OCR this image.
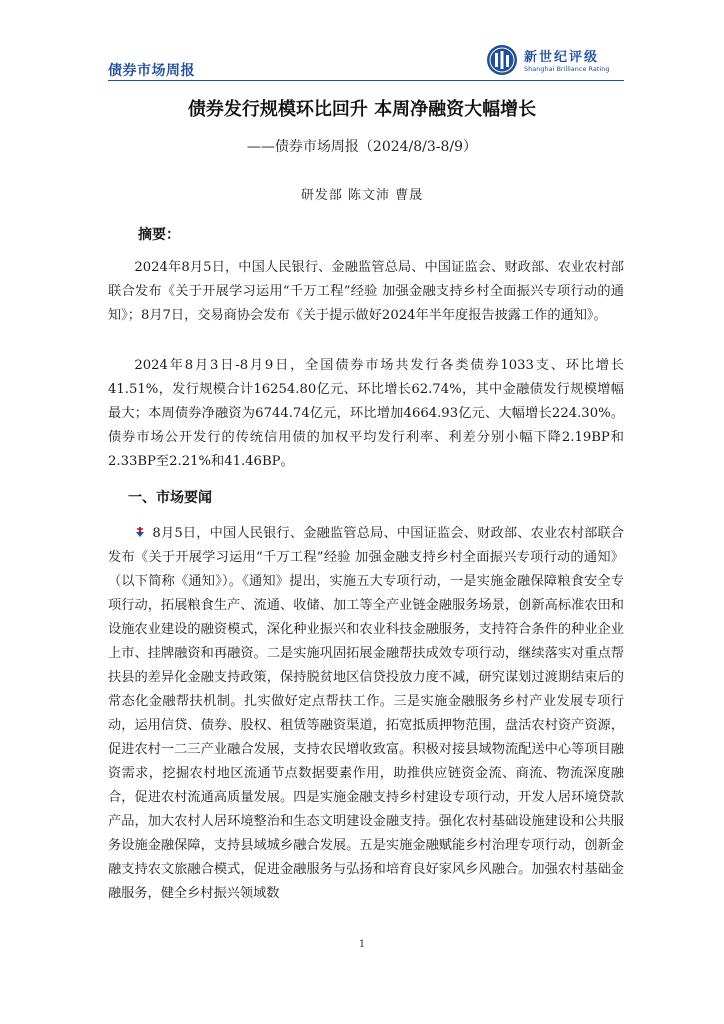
债券市场周报
新世纪评级
Shanghai Brilliance Rating
债券发行规模环比回升 本周净融资大幅增长
——债券市场周报（2024/8/3-8/9）
研发部 陈文沛 曹晟
摘要：
2024年8月5日，中国人民银行、金融监管总局、中国证监会、财政部、农业农村部联合发布《关于开展学习运用“千万工程”经验 加强金融支持乡村全面振兴专项行动的通知》；8月7日，交易商协会发布《关于提示做好2024年半年度报告披露工作的通知》。
2024年8月3日-8月9日，全国债券市场共发行各类债券1033支、环比增长41.51%，发行规模合计16254.80亿元、环比增长62.74%，其中金融债发行规模增幅最大；本周债券净融资为6744.74亿元，环比增加4664.93亿元、大幅增长224.30%。债券市场公开发行的传统信用债的加权平均发行利率、利差分别小幅下降2.19BP和2.33BP至2.21%和41.46BP。
一、市场要闻
8月5日，中国人民银行、金融监管总局、中国证监会、财政部、农业农村部联合发布《关于开展学习运用“千万工程”经验 加强金融支持乡村全面振兴专项行动的通知》（以下简称《通知》）。《通知》提出，实施五大专项行动，一是实施金融保障粮食安全专项行动，拓展粮食生产、流通、收储、加工等全产业链金融服务场景，创新高标准农田和设施农业建设的融资模式，深化种业振兴和农业科技金融服务，支持符合条件的种业企业上市、挂牌融资和再融资。二是实施巩固拓展金融帮扶成效专项行动，继续落实对重点帮扶县的差异化金融支持政策，保持脱贫地区信贷投放力度不减，研究谋划过渡期结束后的常态化金融帮扶机制。扎实做好定点帮扶工作。三是实施金融服务乡村产业发展专项行动，运用信贷、债券、股权、租赁等融资渠道，拓宽抵质押物范围，盘活农村资产资源，促进农村一二三产业融合发展，支持农民增收致富。积极对接县域物流配送中心等项目融资需求，挖掘农村地区流通节点数据要素作用，助推供应链资金流、商流、物流深度融合，促进农村流通高质量发展。四是实施金融支持乡村建设专项行动，开发人居环境贷款产品，加大农村人居环境整治和生态文明建设金融支持。强化农村基础设施建设和公共服务设施金融保障，支持县域城乡融合发展。五是实施金融赋能乡村治理专项行动，创新金融支持农文旅融合模式，促进金融服务与弘扬和培育良好家风乡风融合。加强农村基础金融服务，健全乡村振兴领域数
1
